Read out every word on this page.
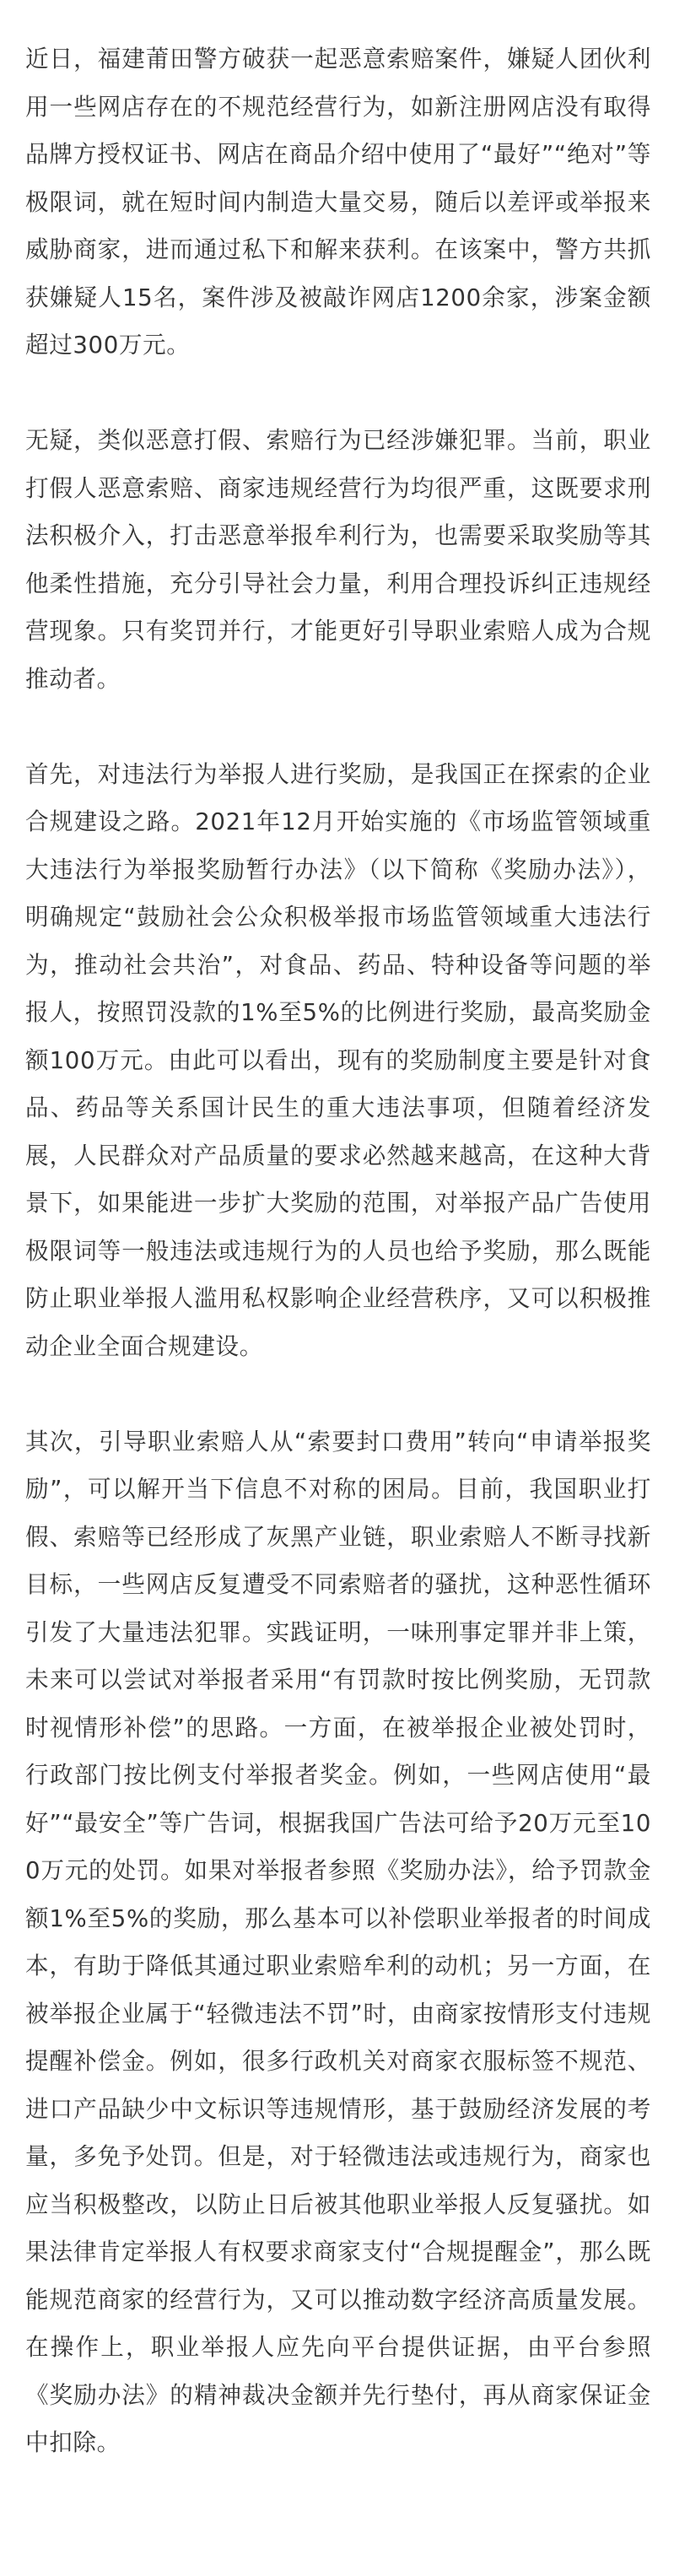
近日，福建莆田警方破获一起恶意索赔案件，嫌疑人团伙利用一些网店存在的不规范经营行为，如新注册网店没有取得品牌方授权证书、网店在商品介绍中使用了“最好”“绝对”等极限词，就在短时间内制造大量交易，随后以差评或举报来威胁商家，进而通过私下和解来获利。在该案中，警方共抓获嫌疑人15名，案件涉及被敲诈网店1200余家，涉案金额超过300万元。

无疑，类似恶意打假、索赔行为已经涉嫌犯罪。当前，职业打假人恶意索赔、商家违规经营行为均很严重，这既要求刑法积极介入，打击恶意举报牟利行为，也需要采取奖励等其他柔性措施，充分引导社会力量，利用合理投诉纠正违规经营现象。只有奖罚并行，才能更好引导职业索赔人成为合规推动者。

首先，对违法行为举报人进行奖励，是我国正在探索的企业合规建设之路。2021年12月开始实施的《市场监管领域重大违法行为举报奖励暂行办法》（以下简称《奖励办法》），明确规定“鼓励社会公众积极举报市场监管领域重大违法行为，推动社会共治”，对食品、药品、特种设备等问题的举报人，按照罚没款的1%至5%的比例进行奖励，最高奖励金额100万元。由此可以看出，现有的奖励制度主要是针对食品、药品等关系国计民生的重大违法事项，但随着经济发展，人民群众对产品质量的要求必然越来越高，在这种大背景下，如果能进一步扩大奖励的范围，对举报产品广告使用极限词等一般违法或违规行为的人员也给予奖励，那么既能防止职业举报人滥用私权影响企业经营秩序，又可以积极推动企业全面合规建设。

其次，引导职业索赔人从“索要封口费用”转向“申请举报奖励”，可以解开当下信息不对称的困局。目前，我国职业打假、索赔等已经形成了灰黑产业链，职业索赔人不断寻找新目标，一些网店反复遭受不同索赔者的骚扰，这种恶性循环引发了大量违法犯罪。实践证明，一味刑事定罪并非上策，未来可以尝试对举报者采用“有罚款时按比例奖励，无罚款时视情形补偿”的思路。一方面，在被举报企业被处罚时，行政部门按比例支付举报者奖金。例如，一些网店使用“最好”“最安全”等广告词，根据我国广告法可给予20万元至100万元的处罚。如果对举报者参照《奖励办法》，给予罚款金额1%至5%的奖励，那么基本可以补偿职业举报者的时间成本，有助于降低其通过职业索赔牟利的动机；另一方面，在被举报企业属于“轻微违法不罚”时，由商家按情形支付违规提醒补偿金。例如，很多行政机关对商家衣服标签不规范、进口产品缺少中文标识等违规情形，基于鼓励经济发展的考量，多免予处罚。但是，对于轻微违法或违规行为，商家也应当积极整改，以防止日后被其他职业举报人反复骚扰。如果法律肯定举报人有权要求商家支付“合规提醒金”，那么既能规范商家的经营行为，又可以推动数字经济高质量发展。在操作上，职业举报人应先向平台提供证据，由平台参照《奖励办法》的精神裁决金额并先行垫付，再从商家保证金中扣除。
